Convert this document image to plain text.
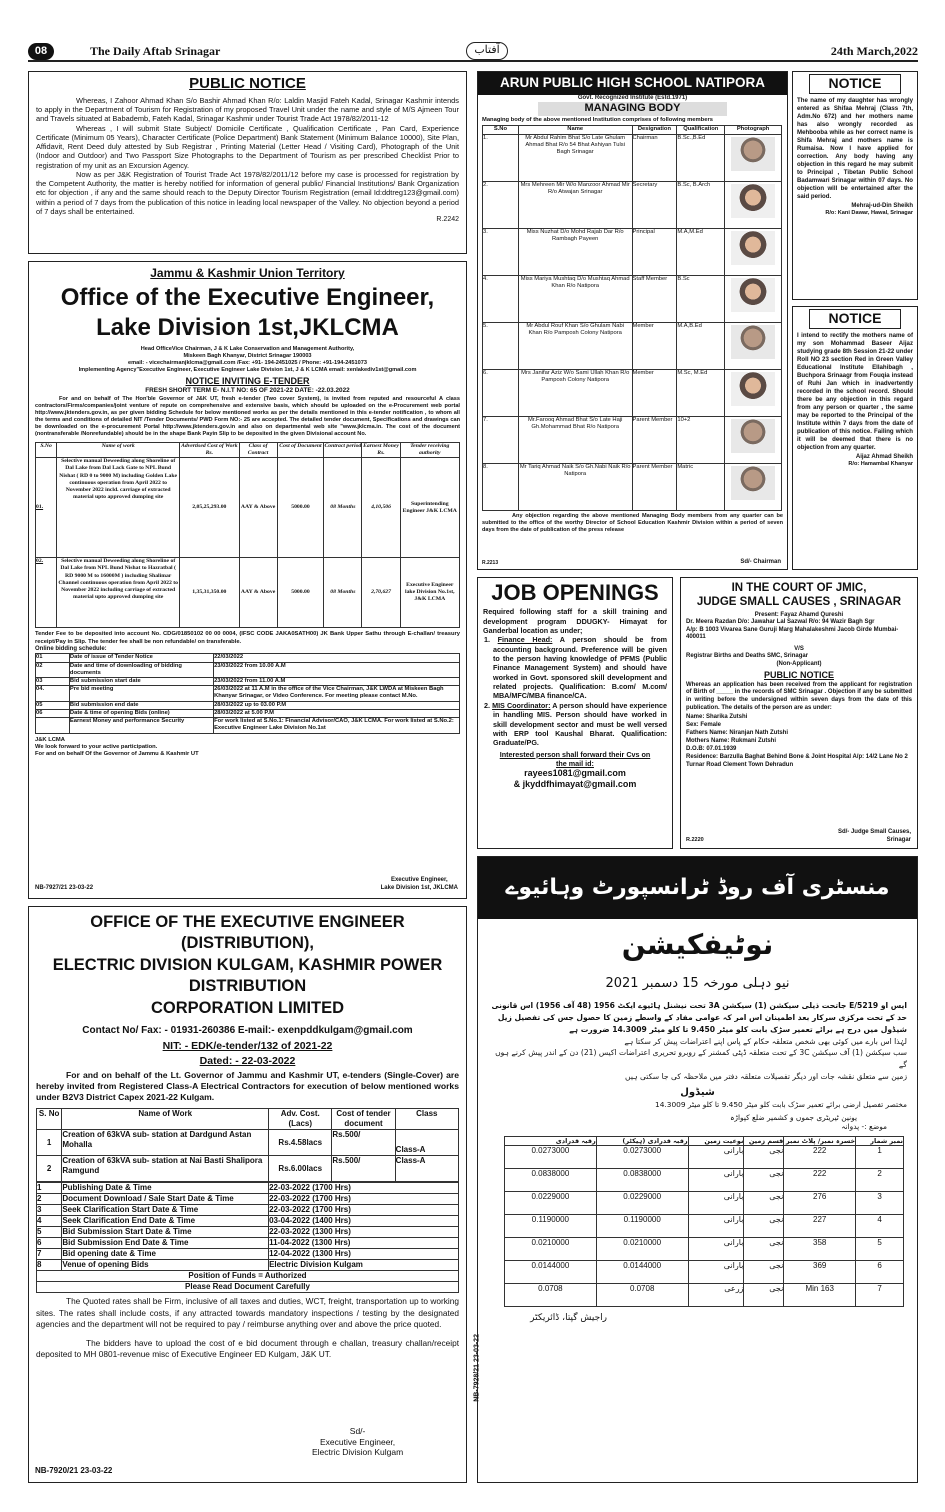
08	The Daily Aftab Srinagar	آفتاب	24th March,2022
PUBLIC NOTICE
Whereas, I Zahoor Ahmad Khan S/o Bashir Ahmad Khan R/o: Laldin Masjid Fateh Kadal, Srinagar Kashmir intends to apply in the Department of Tourism for Registration of my proposed Travel Unit under the name and style of M/S Ajmeen Tour and Travels situated at Babademb, Fateh Kadal, Srinagar Kashmir under Tourist Trade Act 1978/82/2011-12
Whereas , I will submit State Subject/ Domicile Certificate , Qualification Certificate , Pan Card, Experience Certificate (Minimum 05 Years), Character Certificate (Police Department) Bank Statement (Minimum Balance 10000), Site Plan, Affidavit, Rent Deed duly attested by Sub Registrar , Printing Material (Letter Head / Visiting Card), Photograph of the Unit (Indoor and Outdoor) and Two Passport Size Photographs to the Department of Tourism as per prescribed Checklist Prior to registration of my unit as an Excursion Agency.
Now as per J&K Registration of Tourist Trade Act 1978/82/2011/12 before my case is processed for registration by the Competent Authority, the matter is hereby notified for information of general public/ Financial Institutions/ Bank Organization etc for objection , if any and the same should reach to the Deputy Director Tourism Registration (email Id:ddtreg123@gmail.com) within a period of 7 days from the publication of this notice in leading local newspaper of the Valley. No objection beyond a period of 7 days shall be entertained.
R.2242
Jammu & Kashmir Union Territory
Office of the Executive Engineer,
Lake Division 1st,JKLCMA
Head OfficeVice Chairman, J & K Lake Conservation and Management Authority,
Miskeen Bagh Khanyar, District Srinagar 190003
email: - vicechairmanjklcma@gmail.com /Fax: +91- 194-2451025 / Phone: +91-194-2451073
Implementing Agency"Executive Engineer, Executive Engineer Lake Division 1st, J & K LCMA email: xenlakediv1st@gmail.com
NOTICE INVITING E-TENDER
FRESH SHORT TERM E- N.I.T NO: 65 OF 2021-22 DATE: -22.03.2022
For and on behalf of The Hon'ble Governor of J&K UT, fresh e-tender (Two cover System), is invited from reputed and resourceful A class contractors/Firms/companies/joint venture of repute on comprehensive and extensive basis, which should be uploaded on the e-Procurement web portal http://www.jktenders.gov.in, as per given bidding Schedule for below mentioned works as per the details mentioned in this e-tender notification , to whom all the terms and conditions of detailed NIT /Tender Documents/ PWD Form NO:- 25 are accepted. The detailed tender document, Specifications and drawings can be downloaded on the e-procurement Portal http://www.jktenders.gov.in and also on departmental web site "www.jklcma.in. The cost of the document (nontransferable /Nonrefundable) should be in the shape Bank Payin Slip to be deposited in the given Divisional account No.
S.No	Name of work	Advertised Cost of Work Rs.	Class of Contract	Cost of Document	Contract period	Earnest Money Rs.	Tender receiving authority
01.	Selective manual Deweeding along Shoreline of Dal Lake from Dal Lack Gate to NPL Bund Nishat ( RD 0 to 9000 M) including Golden Lake continuous operation from April 2022 to November 2022 incld. carriage of extracted material upto approved dumping site	2,05,25,293.00	AAY & Above	5000.00	08 Months	4,10,506	Superintending Engineer J&K LCMA
02.	Selective manual Deweeding along Shoreline of Dal Lake from NPL Bund Nishat to Hazratbal ( RD 9000 M to 16000M ) including Shalimar Channel continuous operation from April 2022 to November 2022 including carriage of extracted material upto approved dumping site	1,35,31,350.00	AAY & Above	5000.00	08 Months	2,70,627	Executive Engineer lake Division No.1st, J&K LCMA
Tender Fee to be deposited into account No. CDG/01850102 00 00 0004, (IFSC CODE JAKA0SATH00) JK Bank Upper Sathu through E-challan/ treasury receipt/Pay in Slip. The tender fee shall be non refundable/ on transferable.
Online bidding schedule:
01	Date of issue of Tender Notice	22/03/2022
02	Date and time of downloading of bidding documents	23/03/2022 from 10.00 A.M
03	Bid submission start date	23/03/2022 from 11.00 A.M
04.	Pre bid meeting	26/03/2022 at 11 A.M in the office of the Vice Chairman, J&K LWDA at Miskeen Bagh Khanyar Srinagar, or Video Conference. For meeting please contact M.No.
05	Bid submission end date	28/03/2022 up to 03.00 P.M
06	Date & time of opening Bids (online)	28/03/2022 at 5.00 P.M
	Earnest Money and performance Security	For work listed at S.No.1: Financial Advisor/CAO, J&K LCMA. For work listed at S.No.2: Executive Engineer Lake Division No.1st
J&K LCMA
We look forward to your active participation.
For and on behalf Of the Governor of Jammu & Kashmir UT
Executive Engineer,
Lake Division 1st, JKLCMA
NB-7927/21 23-03-22
OFFICE OF THE EXECUTIVE ENGINEER (DISTRIBUTION),
ELECTRIC DIVISION KULGAM, KASHMIR POWER DISTRIBUTION
CORPORATION LIMITED
Contact No/ Fax: - 01931-260386 E-mail:- exenpddkulgam@gmail.com
NIT: - EDK/e-tender/132 of 2021-22
Dated: - 22-03-2022
For and on behalf of the Lt. Governor of Jammu and Kashmir UT, e-tenders (Single-Cover) are hereby invited from Registered Class-A Electrical Contractors for execution of below mentioned works under B2V3 District Capex 2021-22 Kulgam.
S. No	Name of Work	Adv. Cost. (Lacs)	Cost of tender document	Class
1	Creation of 63kVA sub- station at Dardgund Astan Mohalla	Rs.4.58lacs	Rs.500/	Class-A
2	Creation of 63kVA sub- station at Nai Basti Shalipora Ramgund	Rs.6.00lacs	Rs.500/	Class-A
1	Publishing Date & Time	22-03-2022 (1700 Hrs)
2	Document Download / Sale Start Date & Time	22-03-2022 (1700 Hrs)
3	Seek Clarification Start Date & Time	22-03-2022 (1700 Hrs)
4	Seek Clarification End Date & Time	03-04-2022 (1400 Hrs)
5	Bid Submission Start Date & Time	22-03-2022 (1300 Hrs)
6	Bid Submission End Date & Time	11-04-2022 (1300 Hrs)
7	Bid opening date & Time	12-04-2022 (1300 Hrs)
8	Venue of opening Bids	Electric Division Kulgam
Position of Funds = Authorized		
Please Read Document Carefully		
The Quoted rates shall be Firm, inclusive of all taxes and duties, WCT, freight, transportation up to working sites. The rates shall include costs, if any attracted towards mandatory inspections / testing by the designated agencies and the department will not be required to pay / reimburse anything over and above the price quoted.
The bidders have to upload the cost of e bid document through e challan, treasury challan/receipt deposited to MH 0801-revenue misc of Executive Engineer ED Kulgam, J&K UT.
Sd/-
Executive Engineer,
Electric Division Kulgam
NB-7920/21 23-03-22
ARUN PUBLIC HIGH SCHOOL NATIPORA
Govt. Recognized Institute (Estd.1971)
MANAGING BODY
Managing body of the above mentioned Institution comprises of following members
S.No	Name	Designation	Qualification	Photograph
1.	Mr Abdul Rahim Bhat S/o Late Ghulam Ahmad Bhat R/o 54 Bhat Ashiyan Tulsi Bagh Srinagar	Chairman	B.Sc.,B.Ed	

2.	Mrs Mehreen Mir W/o Manzoor Ahmad Mir R/o Atwajan Srinagar	Secretary	B.Sc, B.Arch	

3.	Miss Nuzhat D/o Mohd Rajab Dar R/o Rambagh Payeen	Principal	M.A,M.Ed	

4.	Miss Mariya Mushtaq D/o Mushtaq Ahmad Khan R/o Natipora	Staff Member	B.Sc	

5.	Mr Abdul Rouf Khan S/o Ghulam Nabi Khan R/o Pamposh Colony Natipora	Member	M.A,B.Ed	

6.	Mrs Janifar Aziz W/o Sami Ullah Khan R/o Pamposh Colony Natipora	Member	M.Sc, M.Ed	

7.	Mr.Farooq Ahmad Bhat S/o Late Haji Gh.Mohammad Bhat R/o Natipora	Parent Member	10+2	

8.	Mr Tariq Ahmad Naik S/o Gh.Nabi Naik R/o Natipora	Parent Member	Matric	
Any objection regarding the above mentioned Managing Body members from any quarter can be submitted to the office of the worthy Director of School Education Kashmir Division within a period of seven days from the date of publication of the press release
R.2213	Sd/- Chairman
NOTICE
The name of my daughter has wrongly entered as Shifaa Mehraj (Class 7th, Adm.No 672) and her mothers name has also wrongly recorded as Mehbooba while as her correct name is Shifa Mehraj and mothers name is Rumaisa. Now I have applied for correction. Any body having any objection in this regard he may submit to Principal , Tibetan Public School Badamwari Srinagar within 07 days. No objection will be entertained after the said period.
Mehraj-ud-Din Sheikh
R/o: Kani Dawar, Hawal, Srinagar
NOTICE
I intend to rectify the mothers name of my son Mohammad Baseer Aijaz studying grade 8th Session 21-22 under Roll NO 23 section Red in Green Valley Educational Institute Ellahibagh , Buchpora Srinaagr from Fouqia instead of Ruhi Jan which in inadvertently recorded in the school record. Should there be any objection in this regard from any person or quarter , the same may be reported to the Principal of the Institute within 7 days from the date of publication of this notice. Failing which it will be deemed that there is no objection from any quarter.
Aijaz Ahmad Sheikh
R/o: Hamambal Khanyar
JOB OPENINGS
Required following staff for a skill training and development program DDUGKY- Himayat for Ganderbal location as under;
1. Finance Head: A person should be from accounting background. Preference will be given to the person having knowledge of PFMS (Public Finance Management System) and should have worked in Govt. sponsored skill development and related projects. Qualification: B.com/ M.com/ MBA/MFC/MBA finance/CA.
2. MIS Coordinator: A person should have experience in handling MIS. Person should have worked in skill development sector and must be well versed with ERP tool Kaushal Bharat. Qualification: Graduate/PG.
Interested person shall forward their Cvs on the mail id:
rayees1081@gmail.com
& jkyddfhimayat@gmail.com
IN THE COURT OF JMIC,
JUDGE SMALL CAUSES , SRINAGAR
Present: Fayaz Ahamd Qureshi
Dr. Meera Razdan D/o: Jawahar Lal Sazwal R/o: 94 Wazir Bagh Sgr
A/p: B 1003 Vivarea Sane Guruji Marg Mahalakeshmi Jacob Girde Mumbai-400011
V/S
Registrar Births and Deaths SMC, Srinagar
(Non-Applicant)
PUBLIC NOTICE
Whereas an application has been received from the applicant for registration of Birth of _____ in the records of SMC Srinagar . Objection if any be submitted in writing before the undersigned within seven days from the date of this publication. The details of the person are as under:
Name: Sharika Zutshi
Sex: Female
Fathers Name: Niranjan Nath Zutshi
Mothers Name: Rukmani Zutshi
D.O.B: 07.01.1939
Residence: Barzulla Baghat Behind Bone & Joint Hospital A/p: 14/2 Lane No 2 Turnar Road Clement Town Dehradun
Sd/- Judge Small Causes,
Srinagar
R.2220
منسٹری آف روڈ ٹرانسپورٹ وہائیوے
نوٹیفکیشن
نیو دہلی مورخہ 15 دسمبر 2021
ایس او 5219/E جاتحت ذیلی سیکشن (1) سیکشن 3A تحت نیشنل ہائیوے ایکٹ 1956 (48 آف 1956) اس قانونی حد کے تحت مرکزی سرکار بعد اطمینان اس امر کہ عوامی مفاد کے واسطے زمین کا حصول جس کی تفصیل زیل شیڈول میں درج ہے برائے تعمیر سڑک بابت کلو میٹر 9.450 تا کلو میٹر 14.3009 ضرورت ہے
لہٰذا اس بارے میں کوئی بھی شخص متعلقہ حکام کے پاس اپنے اعتراضات پیش کر سکتا ہے
سب سیکشن (1) آف سیکشن 3C کے تحت متعلقہ ڈپٹی کمشنر کے روبرو تحریری اعتراضات اکیس (21) دن کے اندر پیش کرنے ہوں گے
زمین سے متعلق نقشہ جات اور دیگر تفصیلات متعلقہ دفتر میں ملاحظہ کی جا سکتی ہیں
شیڈول
مختصر تفصیل ارضی برائے تعمیر سڑک بابت کلو میٹر 9.450 تا کلو میٹر 14.3009
یونین ٹیریٹری جموں و کشمیر ضلع کپواڑہ
موضع :- پدوانہ
نمبر شمار	خسرہ نمبر/ پلاٹ نمبر	قسم زمین	نوعیت زمین	رقبہ قدرادی (ہیکٹر)	رقبہ قدرادی
1	222	نجی	بارانی	0.0273000	0.0273000
2	222	نجی	بارانی	0.0838000	0.0838000
3	276	نجی	بارانی	0.0229000	0.0229000
4	227	نجی	بارانی	0.1190000	0.1190000
5	358	نجی	بارانی	0.0210000	0.0210000
6	369	نجی	بارانی	0.0144000	0.0144000
7	163 Min	نجی	زرعی	0.0708	0.0708
راجیش گپتا، ڈائریکٹر
NB-7928/21 23-03-22
